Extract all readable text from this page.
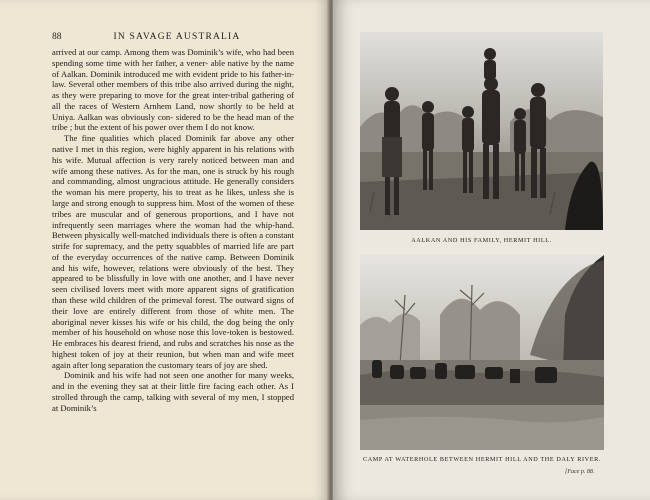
88	IN SAVAGE AUSTRALIA

arrived at our camp. Among them was Dominik’s wife, who had been spending some time with her father, a vener- able native by the name of Aalkan. Dominik introduced me with evident pride to his father-in-law. Several other members of this tribe also arrived during the night, as they were preparing to move for the great inter-tribal gathering of all the races of Western Arnhem Land, now shortly to be held at Uniya. Aalkan was obviously con- sidered to be the head man of the tribe ; but the extent of his power over them I do not know.

The fine qualities which placed Dominik far above any other native I met in this region, were highly apparent in his relations with his wife. Mutual affection is very rarely noticed between man and wife among these natives. As for the man, one is struck by his rough and commanding, almost ungracious attitude. He generally considers the woman his mere property, his to treat as he likes, unless she is large and strong enough to suppress him. Most of the women of these tribes are muscular and of generous proportions, and I have not infrequently seen marriages where the woman had the whip-hand. Between physically well-matched individuals there is often a constant strife for supremacy, and the petty squabbles of married life are part of the everyday occurrences of the native camp. Between Dominik and his wife, however, relations were obviously of the best. They appeared to be blissfully in love with one another, and I have never seen civilised lovers meet with more apparent signs of gratification than these wild children of the primeval forest. The outward signs of their love are entirely different from those of white men. The aboriginal never kisses his wife or his child, the dog being the only member of his household on whose nose this love-token is bestowed. He embraces his dearest friend, and rubs and scratches his nose as the highest token of joy at their reunion, but when man and wife meet again after long separation the customary tears of joy are shed.

Dominik and his wife had not seen one another for many weeks, and in the evening they sat at their little fire facing each other. As I strolled through the camp, talking with several of my men, I stopped at Dominik’s

AALKAN AND HIS FAMILY, HERMIT HILL.
CAMP AT WATERHOLE BETWEEN HERMIT HILL AND THE DALY RIVER.
[Face p. 88.
